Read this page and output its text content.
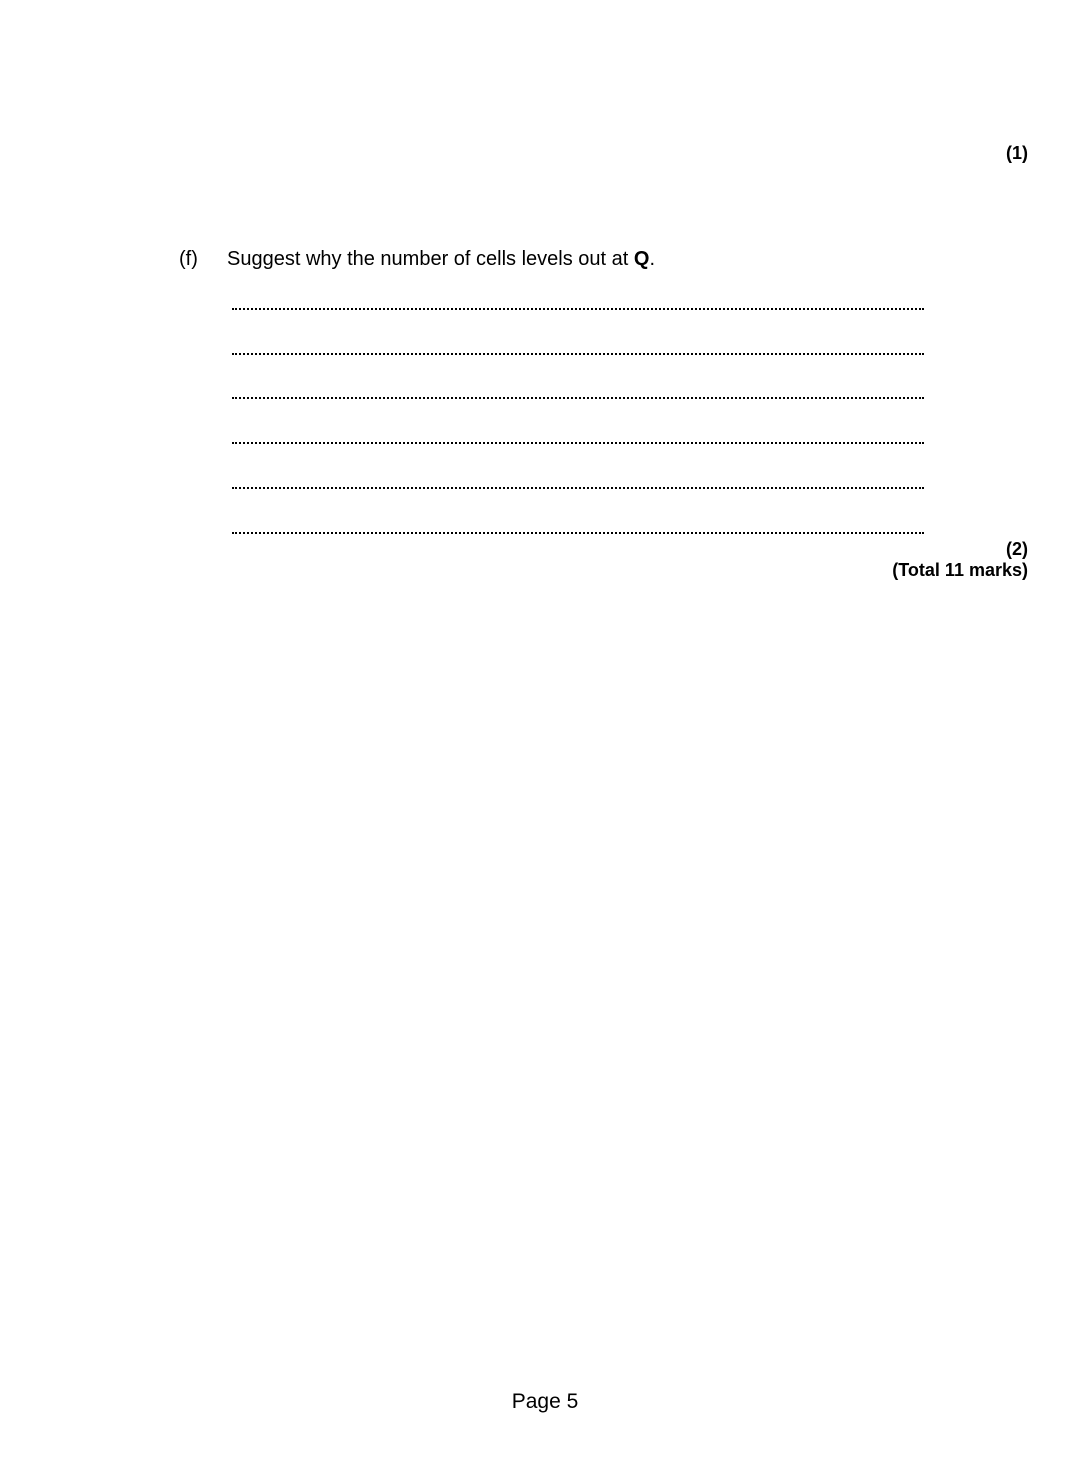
(1)
(f) Suggest why the number of cells levels out at Q.
(2)
(Total 11 marks)
Page 5
